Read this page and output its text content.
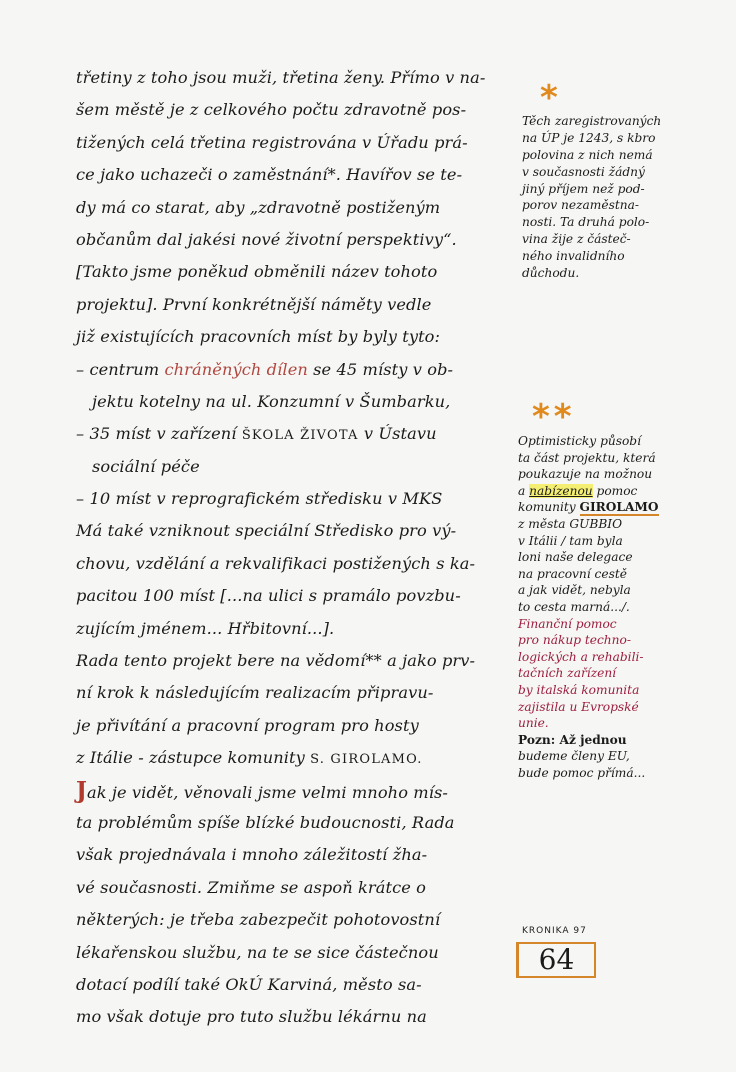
třetiny z toho jsou muži, třetina ženy. Přímo v na-
šem městě je z celkového počtu zdravotně pos-
tižených celá třetina registrována v Úřadu prá-
ce jako uchazeči o zaměstnání*. Havířov se te-
dy má co starat, aby „zdravotně postiženým
občanům dal jakési nové životní perspektivy“.
[Takto jsme poněkud obměnili název tohoto
projektu]. První konkrétnější náměty vedle
již existujících pracovních míst by byly tyto:
– centrum chráněných dílen se 45 místy v ob-
jektu kotelny na ul. Konzumní v Šumbarku,
– 35 míst v zařízení ŠKOLA ŽIVOTA v Ústavu
sociální péče
– 10 míst v reprografickém středisku v MKS
Má také vzniknout speciální Středisko pro vý-
chovu, vzdělání a rekvalifikaci postižených s ka-
pacitou 100 míst [...na ulici s pramálo povzbu-
zujícím jménem... Hřbitovní...].
Rada tento projekt bere na vědomí** a jako prv-
ní krok k následujícím realizacím připravu-
je přivítání a pracovní program pro hosty
z Itálie - zástupce komunity S. GIROLAMO.
Jak je vidět, věnovali jsme velmi mnoho mís-
ta problémům spíše blízké budoucnosti, Rada
však projednávala i mnoho záležitostí žha-
vé současnosti. Zmiňme se aspoň krátce o
některých: je třeba zabezpečit pohotovostní
lékařenskou službu, na te se sice částečnou
dotací podílí také OkÚ Karviná, město sa-
mo však dotuje pro tuto službu lékárnu na
*
Těch zaregistrovaných
na ÚP je 1243, s kbro
polovina z nich nemá
v současnosti žádný
jiný příjem než pod-
porov nezaměstna-
nosti. Ta druhá polo-
vina žije z částeč-
ného invalidního
důchodu.
**
Optimisticky působí
ta část projektu, která
poukazuje na možnou
a nabízenou pomoc
komunity GIROLAMO
z města GUBBIO
v Itálii / tam byla
loni naše delegace
na pracovní cestě
a jak vidět, nebyla
to cesta marná.../.
Finanční pomoc
pro nákup techno-
logických a rehabili-
tačních zařízení
by italská komunita
zajistila u Evropské
unie.
Pozn: Až jednou
budeme členy EU,
bude pomoc přímá...
KRONIKA 97
64
